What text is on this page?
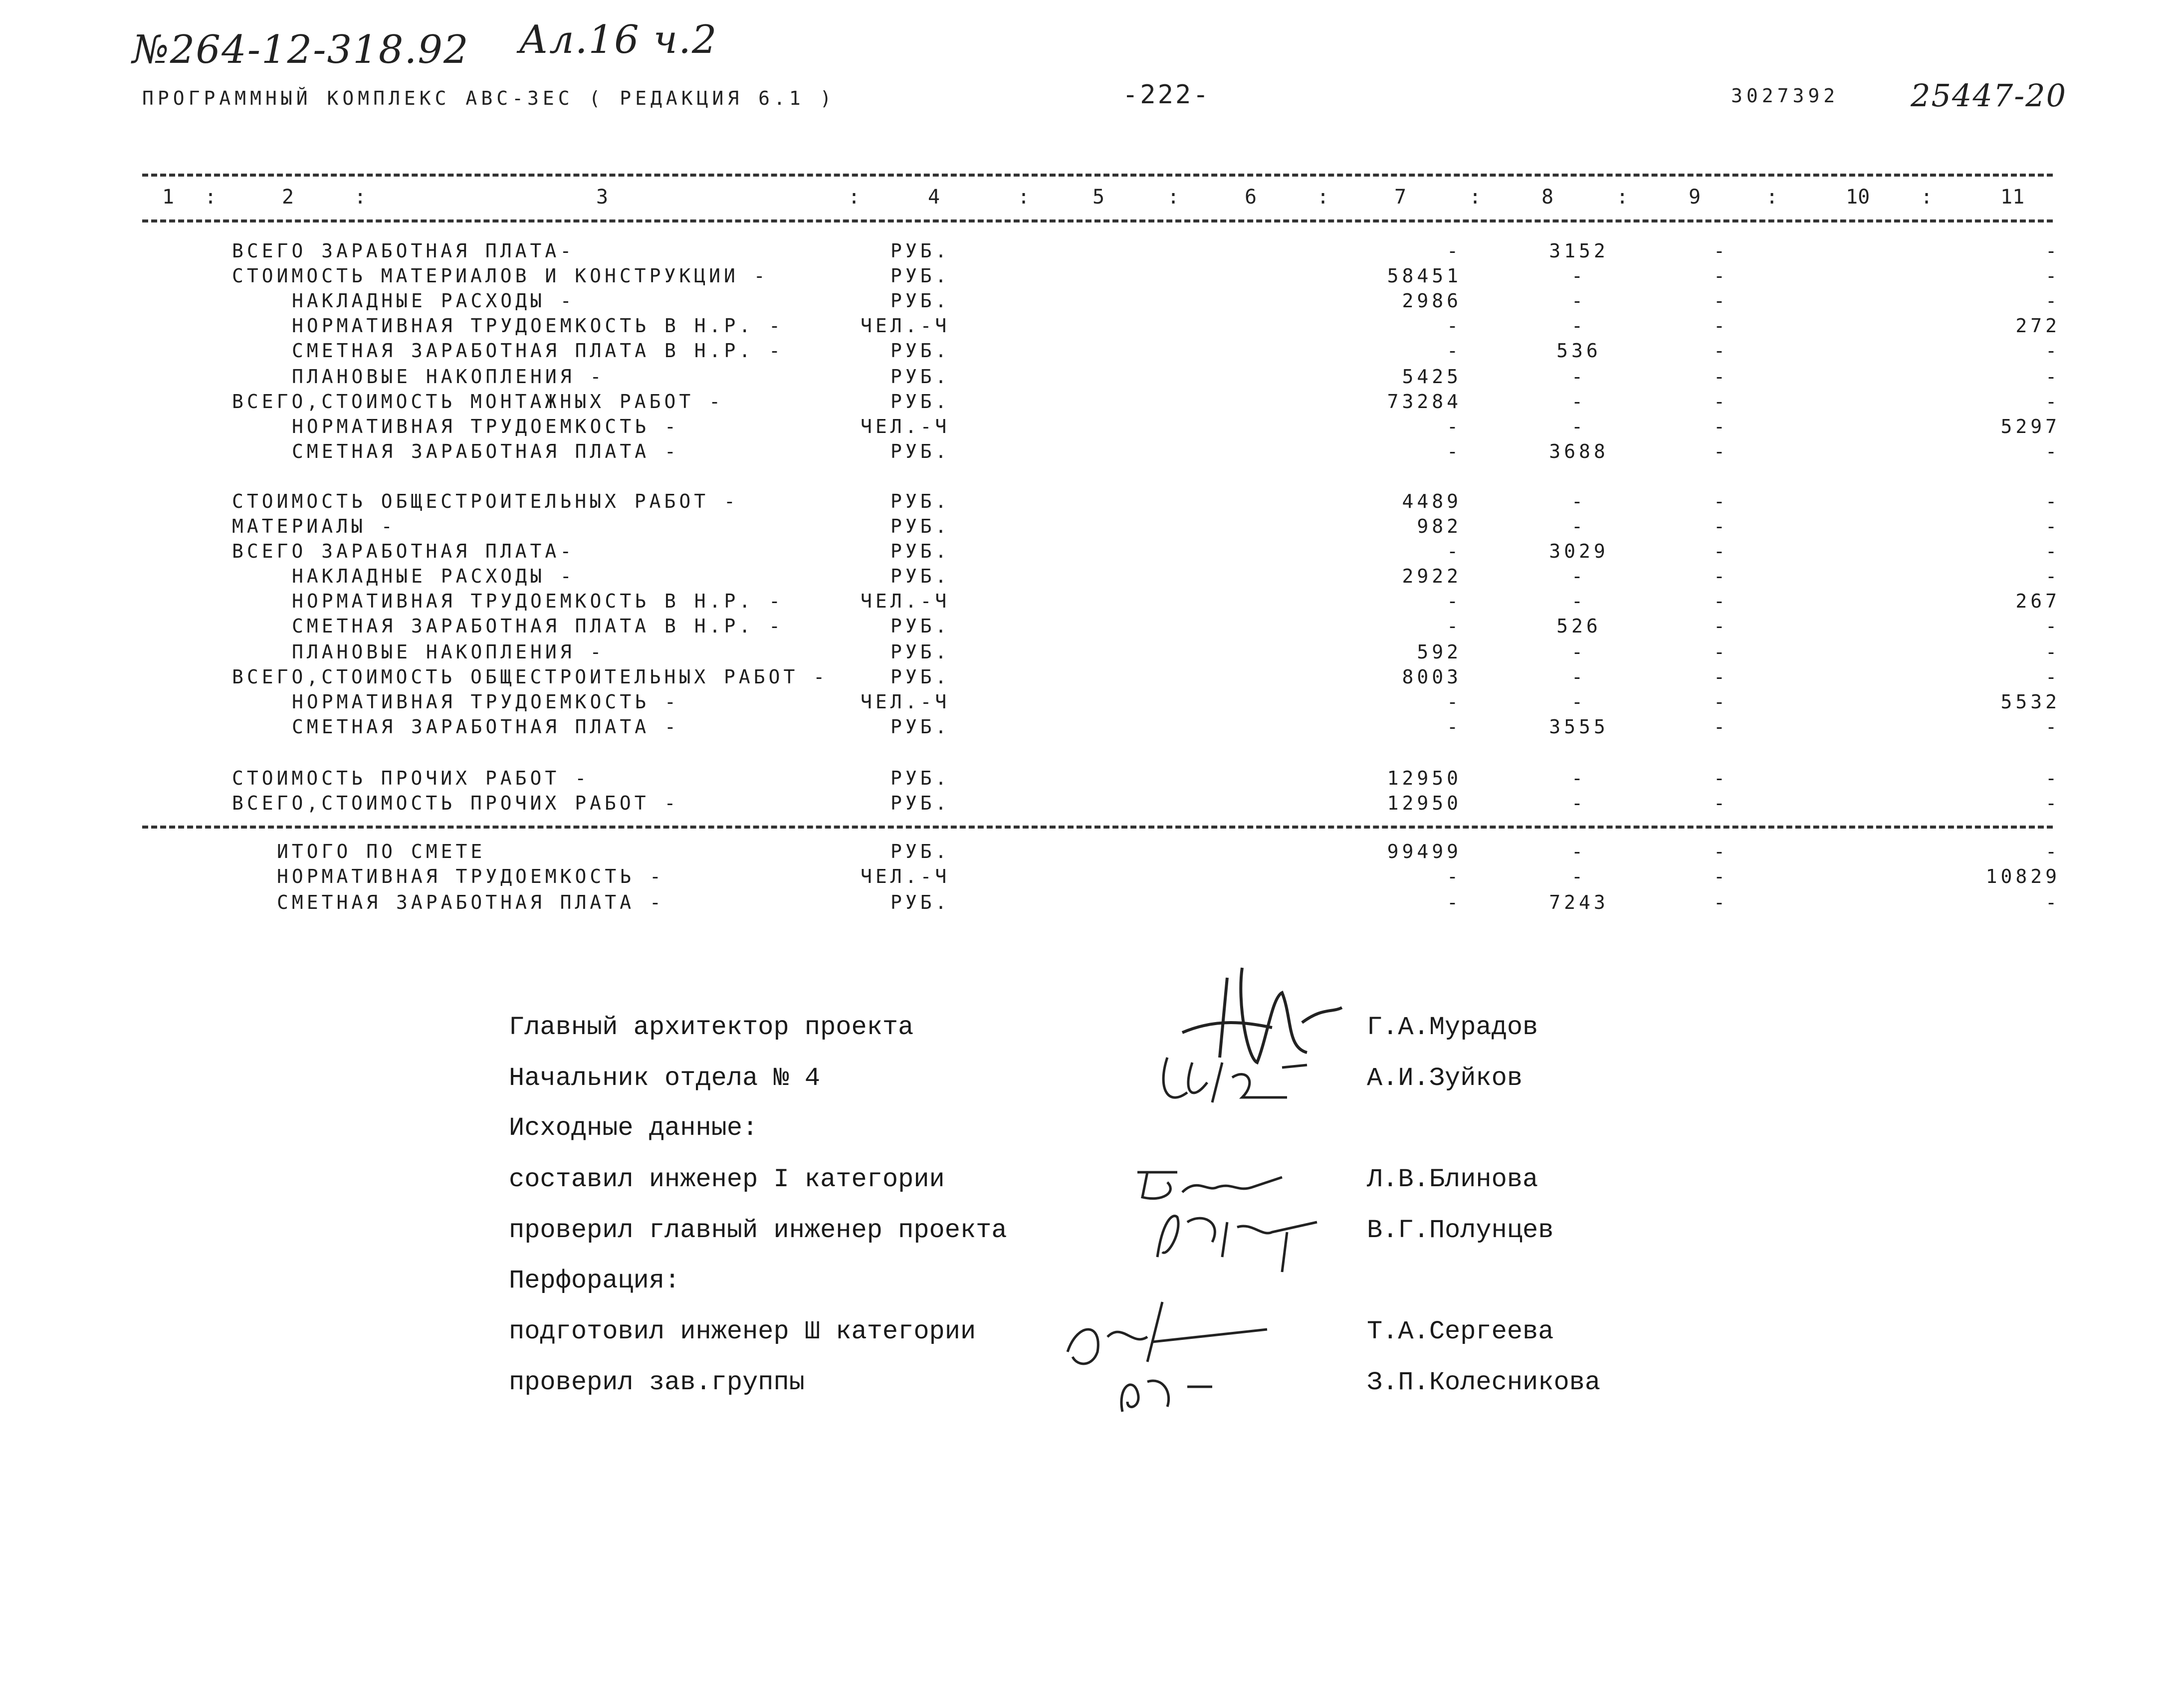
№264-12-318.92 Ал.16 ч.2
25447-20
ПРОГРАММНЫЙ КОМПЛЕКС АВС-3ЕС ( РЕДАКЦИЯ 6.1 )	-222-	3027392
1	2	3	4	5	6	7	8	9	10	11
:	:	:	:	:	:	:	:	:	:
ВСЕГО ЗАРАБОТНАЯ ПЛАТА-	РУБ.	-	3152	-	-
СТОИМОСТЬ МАТЕРИАЛОВ И КОНСТРУКЦИИ -	РУБ.	58451	-	-	-
НАКЛАДНЫЕ РАСХОДЫ -	РУБ.	2986	-	-	-
НОРМАТИВНАЯ ТРУДОЕМКОСТЬ В Н.Р. -	ЧЕЛ.-Ч	-	-	-	272
СМЕТНАЯ ЗАРАБОТНАЯ ПЛАТА В Н.Р. -	РУБ.	-	536	-	-
ПЛАНОВЫЕ НАКОПЛЕНИЯ -	РУБ.	5425	-	-	-
ВСЕГО,СТОИМОСТЬ МОНТАЖНЫХ РАБОТ -	РУБ.	73284	-	-	-
НОРМАТИВНАЯ ТРУДОЕМКОСТЬ -	ЧЕЛ.-Ч	-	-	-	5297
СМЕТНАЯ ЗАРАБОТНАЯ ПЛАТА -	РУБ.	-	3688	-	-
СТОИМОСТЬ ОБЩЕСТРОИТЕЛЬНЫХ РАБОТ -	РУБ.	4489	-	-	-
МАТЕРИАЛЫ -	РУБ.	982	-	-	-
ВСЕГО ЗАРАБОТНАЯ ПЛАТА-	РУБ.	-	3029	-	-
НАКЛАДНЫЕ РАСХОДЫ -	РУБ.	2922	-	-	-
НОРМАТИВНАЯ ТРУДОЕМКОСТЬ В Н.Р. -	ЧЕЛ.-Ч	-	-	-	267
СМЕТНАЯ ЗАРАБОТНАЯ ПЛАТА В Н.Р. -	РУБ.	-	526	-	-
ПЛАНОВЫЕ НАКОПЛЕНИЯ -	РУБ.	592	-	-	-
ВСЕГО,СТОИМОСТЬ ОБЩЕСТРОИТЕЛЬНЫХ РАБОТ -	РУБ.	8003	-	-	-
НОРМАТИВНАЯ ТРУДОЕМКОСТЬ -	ЧЕЛ.-Ч	-	-	-	5532
СМЕТНАЯ ЗАРАБОТНАЯ ПЛАТА -	РУБ.	-	3555	-	-
СТОИМОСТЬ ПРОЧИХ РАБОТ -	РУБ.	12950	-	-	-
ВСЕГО,СТОИМОСТЬ ПРОЧИХ РАБОТ -	РУБ.	12950	-	-	-
ИТОГО ПО СМЕТЕ	РУБ.	99499	-	-	-
НОРМАТИВНАЯ ТРУДОЕМКОСТЬ -	ЧЕЛ.-Ч	-	-	-	10829
СМЕТНАЯ ЗАРАБОТНАЯ ПЛАТА -	РУБ.	-	7243	-	-
Главный архитектор проекта	Г.А.Мурадов
Начальник отдела № 4	А.И.Зуйков
Исходные данные:
составил инженер I категории	Л.В.Блинова
проверил главный инженер проекта	В.Г.Полунцев
Перфорация:
подготовил инженер Ш категории	Т.А.Сергеева
проверил зав.группы	З.П.Колесникова
